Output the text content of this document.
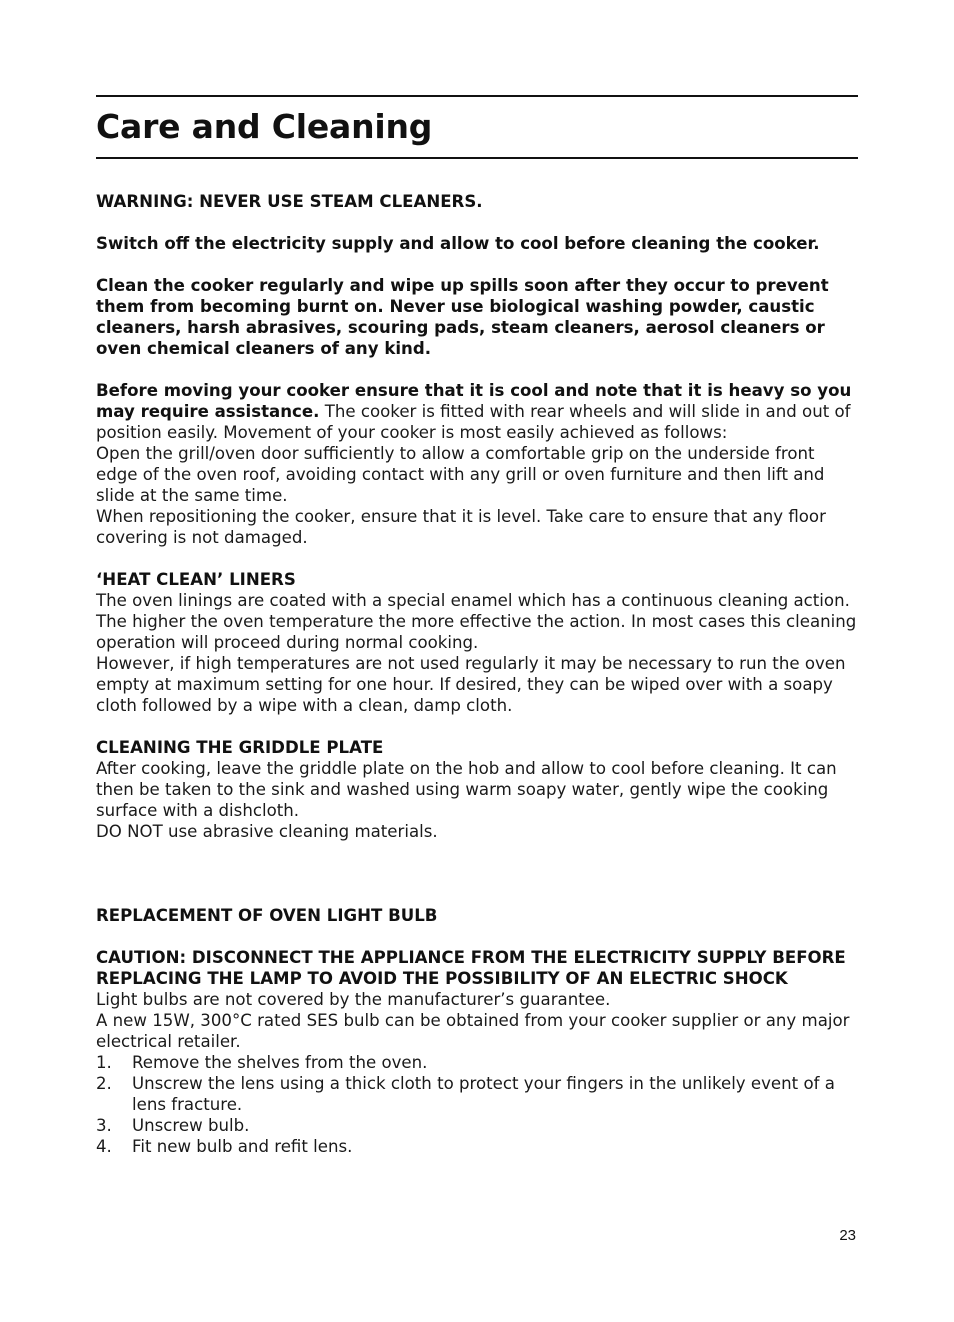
Care and Cleaning

WARNING: NEVER USE STEAM CLEANERS.

Switch off the electricity supply and allow to cool before cleaning the cooker.

Clean the cooker regularly and wipe up spills soon after they occur to prevent them from becoming burnt on. Never use biological washing powder, caustic cleaners, harsh abrasives, scouring pads, steam cleaners, aerosol cleaners or oven chemical cleaners of any kind.

Before moving your cooker ensure that it is cool and note that it is heavy so you may require assistance. The cooker is fitted with rear wheels and will slide in and out of position easily. Movement of your cooker is most easily achieved as follows:

Open the grill/oven door sufficiently to allow a comfortable grip on the underside front edge of the oven roof, avoiding contact with any grill or oven furniture and then lift and slide at the same time.

When repositioning the cooker, ensure that it is level. Take care to ensure that any floor covering is not damaged.

‘HEAT CLEAN’ LINERS

The oven linings are coated with a special enamel which has a continuous cleaning action. The higher the oven temperature the more effective the action. In most cases this cleaning operation will proceed during normal cooking.

However, if high temperatures are not used regularly it may be necessary to run the oven empty at maximum setting for one hour. If desired, they can be wiped over with a soapy cloth followed by a wipe with a clean, damp cloth.

CLEANING THE GRIDDLE PLATE

After cooking, leave the griddle plate on the hob and allow to cool before cleaning. It can then be taken to the sink and washed using warm soapy water, gently wipe the cooking surface with a dishcloth.

DO NOT use abrasive cleaning materials.

REPLACEMENT OF OVEN LIGHT BULB

CAUTION: DISCONNECT THE APPLIANCE FROM THE ELECTRICITY SUPPLY BEFORE REPLACING THE LAMP TO AVOID THE POSSIBILITY OF AN ELECTRIC SHOCK

Light bulbs are not covered by the manufacturer’s guarantee.

A new 15W, 300°C rated SES bulb can be obtained from your cooker supplier or any major electrical retailer.

1. Remove the shelves from the oven.
2. Unscrew the lens using a thick cloth to protect your fingers in the unlikely event of a lens fracture.
3. Unscrew bulb.
4. Fit new bulb and refit lens.
23
